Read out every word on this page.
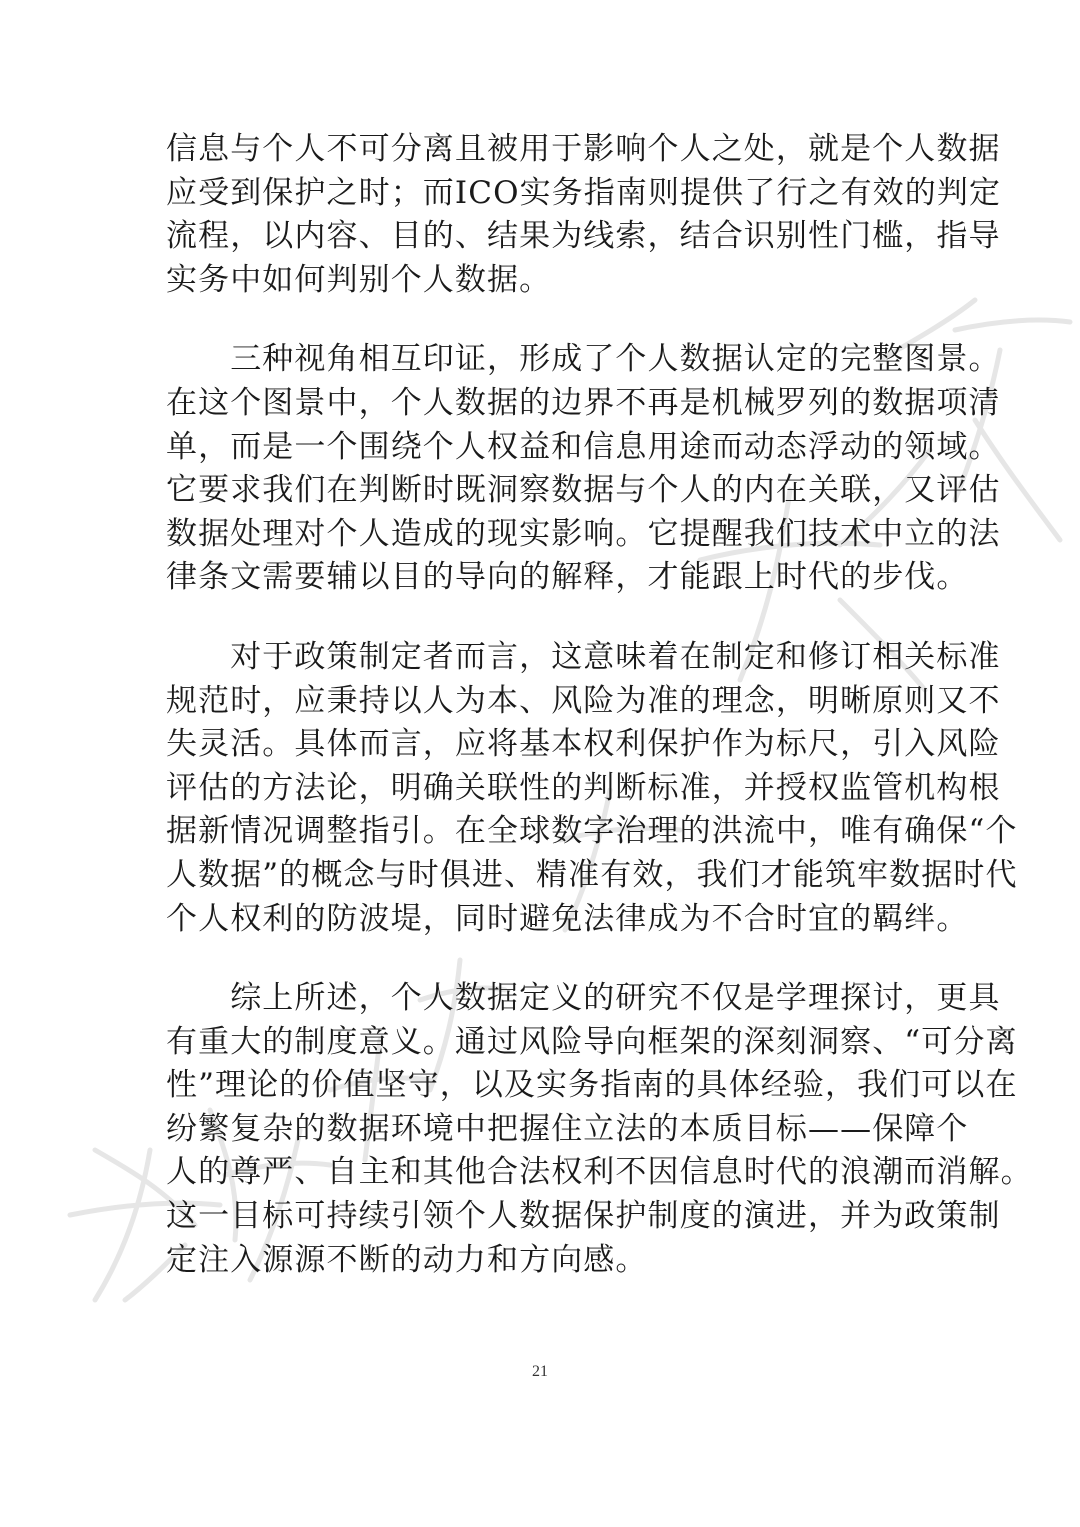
信息与个人不可分离且被用于影响个人之处，就是个人数据
应受到保护之时；而ICO实务指南则提供了行之有效的判定
流程，以内容、目的、结果为线索，结合识别性门槛，指导
实务中如何判别个人数据。

　　三种视角相互印证，形成了个人数据认定的完整图景。
在这个图景中，个人数据的边界不再是机械罗列的数据项清
单，而是一个围绕个人权益和信息用途而动态浮动的领域。
它要求我们在判断时既洞察数据与个人的内在关联，又评估
数据处理对个人造成的现实影响。它提醒我们技术中立的法
律条文需要辅以目的导向的解释，才能跟上时代的步伐。

　　对于政策制定者而言，这意味着在制定和修订相关标准
规范时，应秉持以人为本、风险为准的理念，明晰原则又不
失灵活。具体而言，应将基本权利保护作为标尺，引入风险
评估的方法论，明确关联性的判断标准，并授权监管机构根
据新情况调整指引。在全球数字治理的洪流中，唯有确保“个
人数据”的概念与时俱进、精准有效，我们才能筑牢数据时代
个人权利的防波堤，同时避免法律成为不合时宜的羁绊。

　　综上所述，个人数据定义的研究不仅是学理探讨，更具
有重大的制度意义。通过风险导向框架的深刻洞察、“可分离
性”理论的价值坚守，以及实务指南的具体经验，我们可以在
纷繁复杂的数据环境中把握住立法的本质目标——保障个
人的尊严、自主和其他合法权利不因信息时代的浪潮而消解。
这一目标可持续引领个人数据保护制度的演进，并为政策制
定注入源源不断的动力和方向感。

21
